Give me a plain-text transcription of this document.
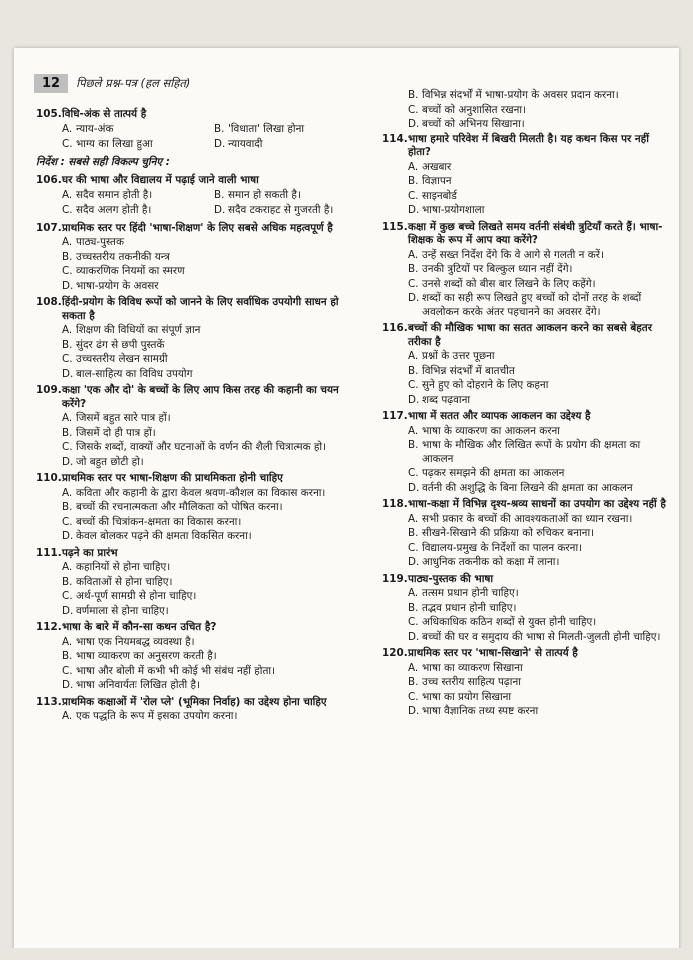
12	पिछले प्रश्न-पत्र (हल सहित)
105. विधि-अंक से तात्पर्य है
A. न्याय-अंक	B. 'विधाता' लिखा होना
C. भाग्य का लिखा हुआ	D. न्यायवादी
निर्देश : सबसे सही विकल्प चुनिए :
106. घर की भाषा और विद्यालय में पढ़ाई जाने वाली भाषा
A. सदैव समान होती है।	B. समान हो सकती है।
C. सदैव अलग होती है।	D. सदैव टकराहट से गुजरती है।
107. प्राथमिक स्तर पर हिंदी 'भाषा-शिक्षण' के लिए सबसे अधिक महत्वपूर्ण है
A. पाठ्य-पुस्तक
B. उच्चस्तरीय तकनीकी यन्त्र
C. व्याकरणिक नियमों का स्मरण
D. भाषा-प्रयोग के अवसर
108. हिंदी-प्रयोग के विविध रूपों को जानने के लिए सर्वाधिक उपयोगी साधन हो सकता है
A. शिक्षण की विधियों का संपूर्ण ज्ञान
B. सुंदर ढंग से छपी पुस्तकें
C. उच्चस्तरीय लेखन सामग्री
D. बाल-साहित्य का विविध उपयोग
109. कक्षा 'एक और दो' के बच्चों के लिए आप किस तरह की कहानी का चयन करेंगे?
A. जिसमें बहुत सारे पात्र हों।
B. जिसमें दो ही पात्र हों।
C. जिसके शब्दों, वाक्यों और घटनाओं के वर्णन की शैली चित्रात्मक हो।
D. जो बहुत छोटी हो।
110. प्राथमिक स्तर पर भाषा-शिक्षण की प्राथमिकता होनी चाहिए
A. कविता और कहानी के द्वारा केवल श्रवण-कौशल का विकास करना।
B. बच्चों की रचनात्मकता और मौलिकता को पोषित करना।
C. बच्चों की चित्रांकन-क्षमता का विकास करना।
D. केवल बोलकर पढ़ने की क्षमता विकसित करना।
111. पढ़ने का प्रारंभ
A. कहानियों से होना चाहिए।
B. कविताओं से होना चाहिए।
C. अर्थ-पूर्ण सामग्री से होना चाहिए।
D. वर्णमाला से होना चाहिए।
112. भाषा के बारे में कौन-सा कथन उचित है?
A. भाषा एक नियमबद्ध व्यवस्था है।
B. भाषा व्याकरण का अनुसरण करती है।
C. भाषा और बोली में कभी भी कोई भी संबंध नहीं होता।
D. भाषा अनिवार्यतः लिखित होती है।
113. प्राथमिक कक्षाओं में 'रोल प्ले' (भूमिका निर्वाह) का उद्देश्य होना चाहिए
A. एक पद्धति के रूप में इसका उपयोग करना।
B. विभिन्न संदर्भों में भाषा-प्रयोग के अवसर प्रदान करना।
C. बच्चों को अनुशासित रखना।
D. बच्चों को अभिनय सिखाना।
114. भाषा हमारे परिवेश में बिखरी मिलती है। यह कथन किस पर नहीं होता?
A. अखबार
B. विज्ञापन
C. साइनबोर्ड
D. भाषा-प्रयोगशाला
115. कक्षा में कुछ बच्चे लिखते समय वर्तनी संबंधी त्रुटियाँ करते हैं। भाषा-शिक्षक के रूप में आप क्या करेंगे?
A. उन्हें सख्त निर्देश देंगे कि वे आगे से गलती न करें।
B. उनकी त्रुटियों पर बिल्कुल ध्यान नहीं देंगे।
C. उनसे शब्दों को बीस बार लिखने के लिए कहेंगे।
D. शब्दों का सही रूप लिखते हुए बच्चों को दोनों तरह के शब्दों अवलोकन करके अंतर पहचानने का अवसर देंगे।
116. बच्चों की मौखिक भाषा का सतत आकलन करने का सबसे बेहतर तरीका है
A. प्रश्नों के उत्तर पूछना
B. विभिन्न संदर्भों में बातचीत
C. सुने हुए को दोहराने के लिए कहना
D. शब्द पढ़वाना
117. भाषा में सतत और व्यापक आकलन का उद्देश्य है
A. भाषा के व्याकरण का आकलन करना
B. भाषा के मौखिक और लिखित रूपों के प्रयोग की क्षमता का आकलन
C. पढ़कर समझने की क्षमता का आकलन
D. वर्तनी की अशुद्धि के बिना लिखने की क्षमता का आकलन
118. भाषा-कक्षा में विभिन्न दृश्य-श्रव्य साधनों का उपयोग का उद्देश्य नहीं है
A. सभी प्रकार के बच्चों की आवश्यकताओं का ध्यान रखना।
B. सीखने-सिखाने की प्रक्रिया को रुचिकर बनाना।
C. विद्यालय-प्रमुख के निर्देशों का पालन करना।
D. आधुनिक तकनीक को कक्षा में लाना।
119. पाठ्य-पुस्तक की भाषा
A. तत्सम प्रधान होनी चाहिए।
B. तद्भव प्रधान होनी चाहिए।
C. अधिकाधिक कठिन शब्दों से युक्त होनी चाहिए।
D. बच्चों की घर व समुदाय की भाषा से मिलती-जुलती होनी चाहिए।
120. प्राथमिक स्तर पर 'भाषा-सिखाने' से तात्पर्य है
A. भाषा का व्याकरण सिखाना
B. उच्च स्तरीय साहित्य पढ़ाना
C. भाषा का प्रयोग सिखाना
D. भाषा वैज्ञानिक तथ्य स्पष्ट करना
